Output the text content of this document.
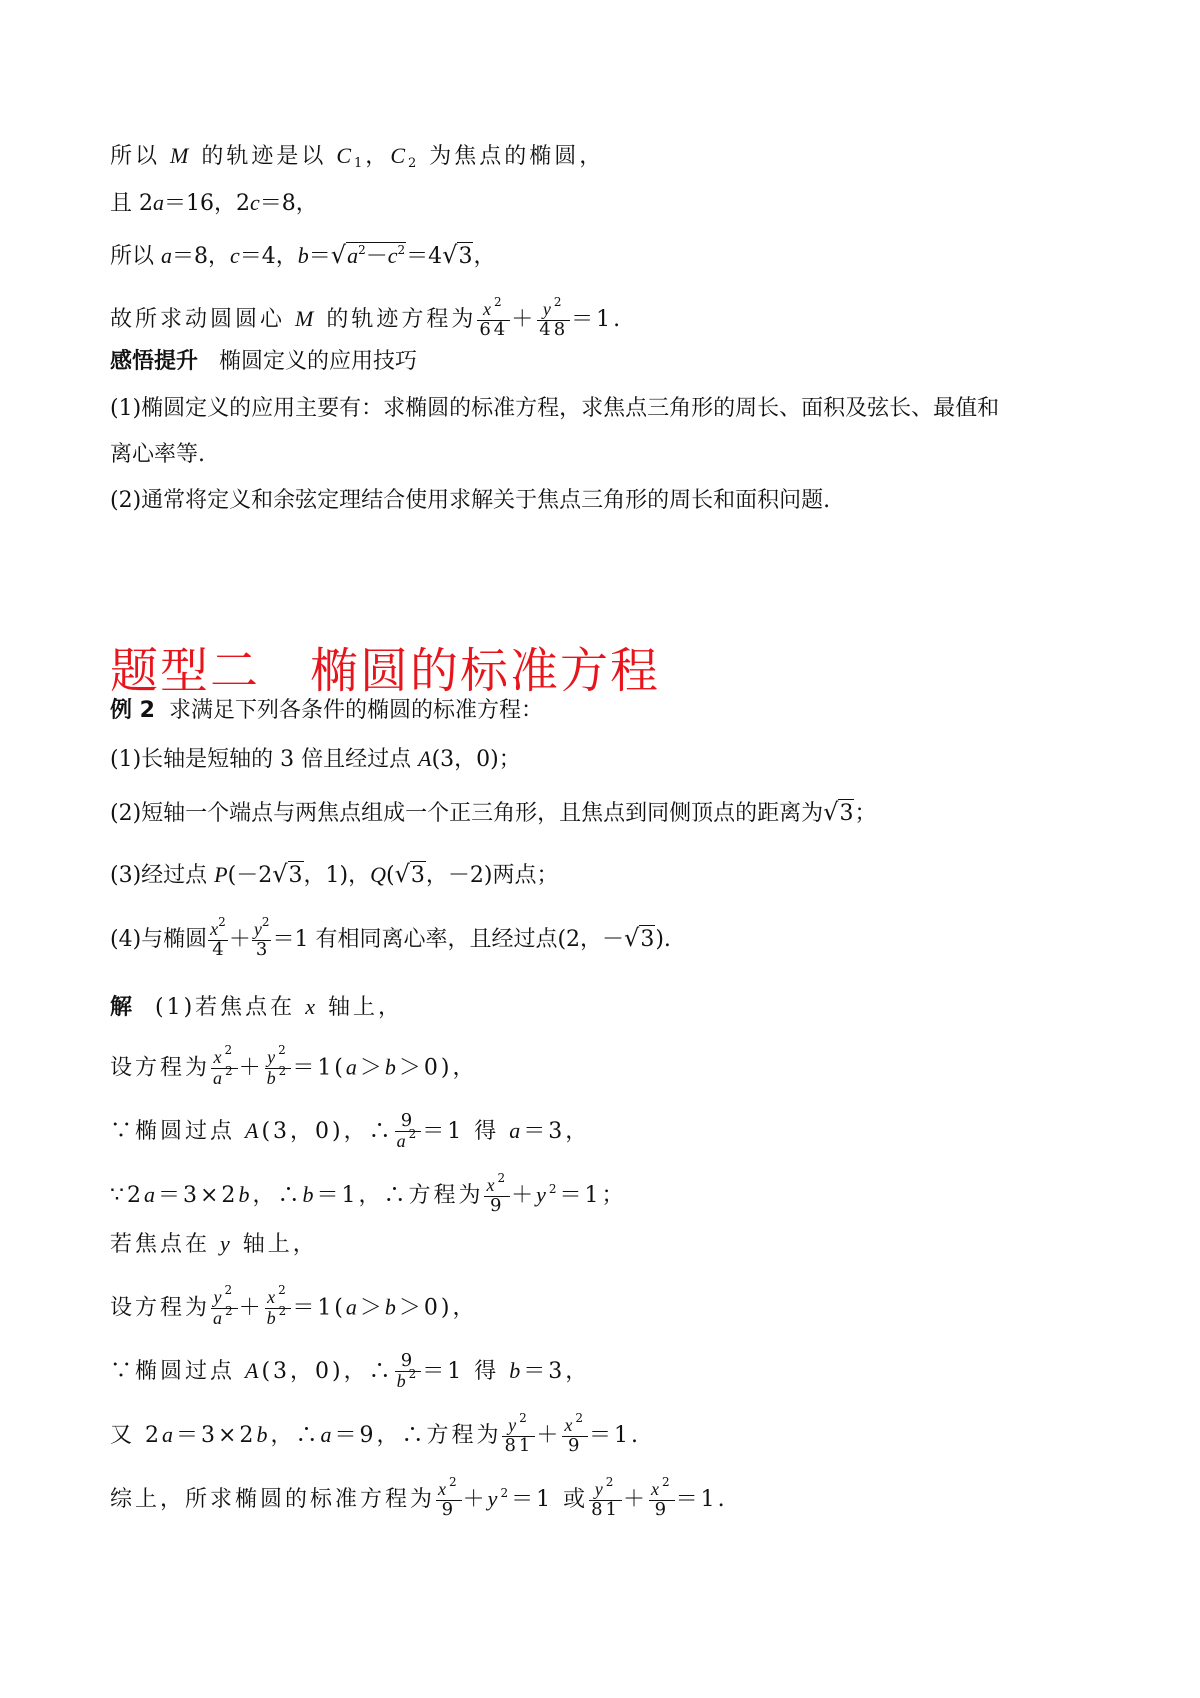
所以 M 的轨迹是以 $C_1$，$C_2$ 为焦点的椭圆，
且 2a＝16，2c＝8，
所以 a＝8，c＝4，$b=√a^2-c^2=4√3$，
故所求动圆圆心 M 的轨迹方程为 $\frac{x^2}{64} + \frac{y^2}{48} =1$.
感悟提升 椭圆定义的应用技巧
(1)椭圆定义的应用主要有：求椭圆的标准方程，求焦点三角形的周长、面积及弦长、最值和
离心率等.
(2)通常将定义和余弦定理结合使用求解关于焦点三角形的周长和面积问题.
题型二　椭圆的标准方程
例 2 求满足下列各条件的椭圆的标准方程：
(1)长轴是短轴的 3 倍且经过点 A(3，0)；
(2)短轴一个端点与两焦点组成一个正三角形，且焦点到同侧顶点的距离为√3；
(3)经过点 P(－2√3，1)，Q(√3，－2)两点；
(4)与椭圆 $\frac{x^2}{4} + \frac{y^2}{3} =1$ 有相同离心率，且经过点(2，－√3).
解 (1)若焦点在 x 轴上，
设方程为 $\frac{x^2}{a^2} + \frac{y^2}{b^2} =1(a>b>0)$，
∵椭圆过点 A(3，0)，∴ $\frac{9}{a^2} =1$ 得 a＝3，
∵2a＝3×2b，∴b＝1，∴方程为 $\frac{x^2}{9} +y^2=1$；
若焦点在 y 轴上，
设方程为 $\frac{y^2}{a^2} + \frac{x^2}{b^2} =1(a>b>0)$，
∵椭圆过点 A(3，0)，∴ $\frac{9}{b^2} =1$ 得 b＝3，
又 2a＝3×2b，∴a＝9，∴方程为 $\frac{y^2}{81} + \frac{x^2}{9} =1$.
综上，所求椭圆的标准方程为 $\frac{x^2}{9} +y^2=1$ 或 $\frac{y^2}{81} + \frac{x^2}{9} =1$.
